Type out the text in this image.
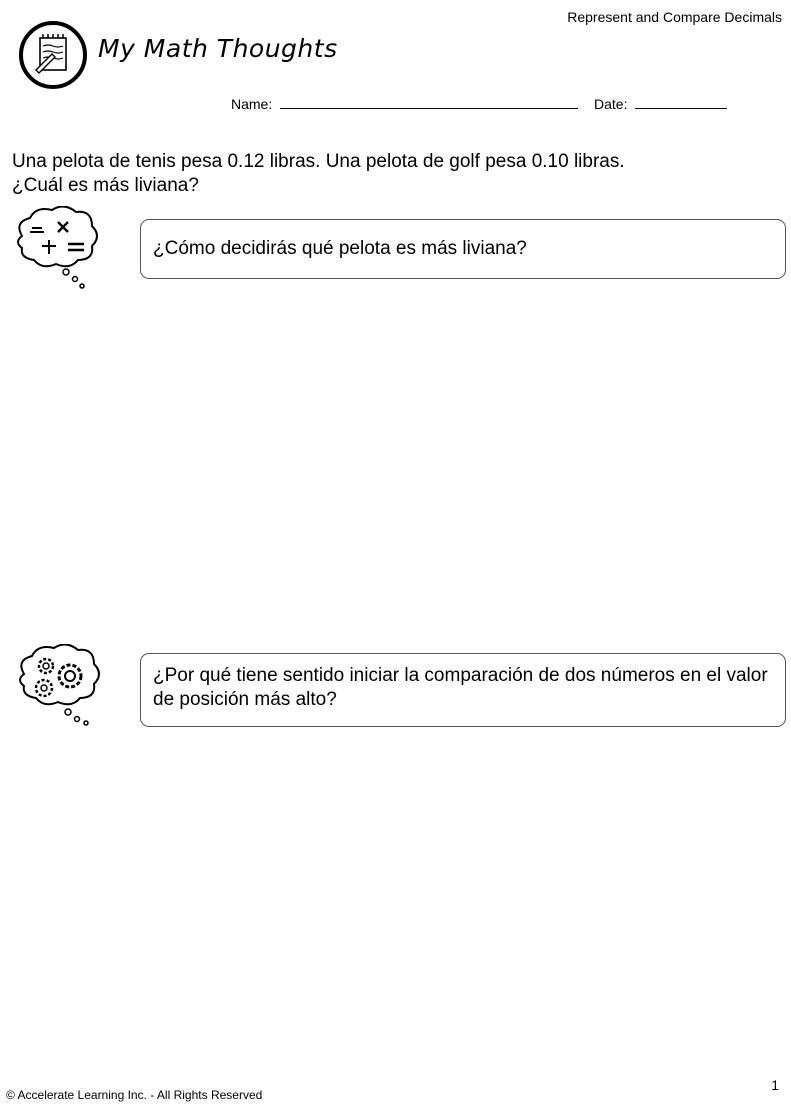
Represent and Compare Decimals
My Math Thoughts
Name:	Date:
Una pelota de tenis pesa 0.12 libras. Una pelota de golf pesa 0.10 libras.
¿Cuál es más liviana?
¿Cómo decidirás qué pelota es más liviana?
¿Por qué tiene sentido iniciar la comparación de dos números en el valor de posición más alto?
© Accelerate Learning Inc. - All Rights Reserved
1
